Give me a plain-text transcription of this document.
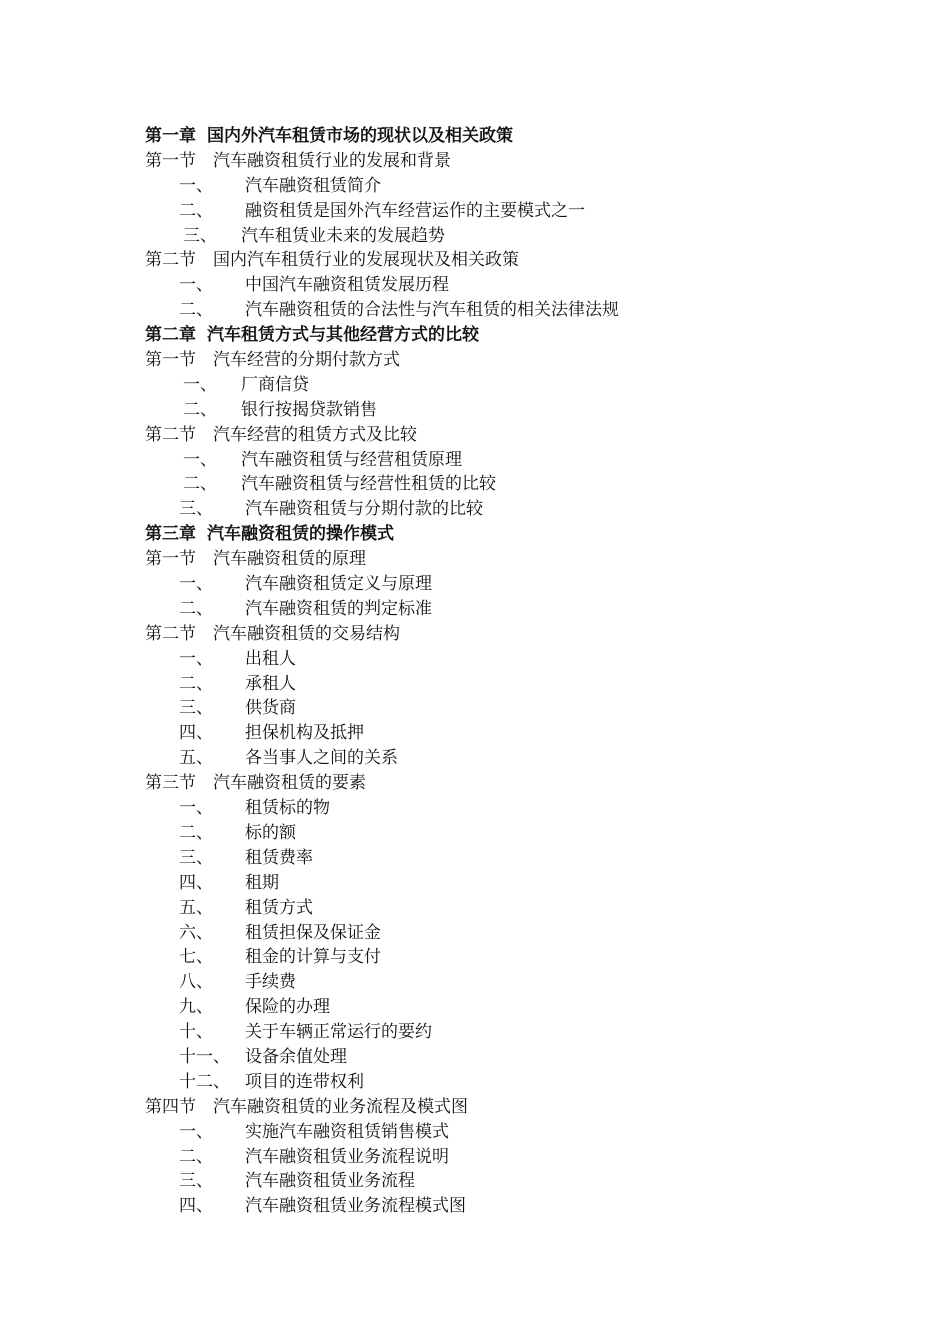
第一章 国内外汽车租赁市场的现状以及相关政策
第一节	汽车融资租赁行业的发展和背景
一、	汽车融资租赁简介
二、	融资租赁是国外汽车经营运作的主要模式之一
三、	汽车租赁业未来的发展趋势
第二节	国内汽车租赁行业的发展现状及相关政策
一、	中国汽车融资租赁发展历程
二、	汽车融资租赁的合法性与汽车租赁的相关法律法规
第二章 汽车租赁方式与其他经营方式的比较
第一节	汽车经营的分期付款方式
一、	厂商信贷
二、	银行按揭贷款销售
第二节	汽车经营的租赁方式及比较
一、	汽车融资租赁与经营租赁原理
二、	汽车融资租赁与经营性租赁的比较
三、	汽车融资租赁与分期付款的比较
第三章 汽车融资租赁的操作模式
第一节	汽车融资租赁的原理
一、	汽车融资租赁定义与原理
二、	汽车融资租赁的判定标准
第二节	汽车融资租赁的交易结构
一、	出租人
二、	承租人
三、	供货商
四、	担保机构及抵押
五、	各当事人之间的关系
第三节	汽车融资租赁的要素
一、	租赁标的物
二、	标的额
三、	租赁费率
四、	租期
五、	租赁方式
六、	租赁担保及保证金
七、	租金的计算与支付
八、	手续费
九、	保险的办理
十、	关于车辆正常运行的要约
十一、 设备余值处理
十二、 项目的连带权利
第四节	汽车融资租赁的业务流程及模式图
一、	实施汽车融资租赁销售模式
二、	汽车融资租赁业务流程说明
三、	汽车融资租赁业务流程
四、	汽车融资租赁业务流程模式图
